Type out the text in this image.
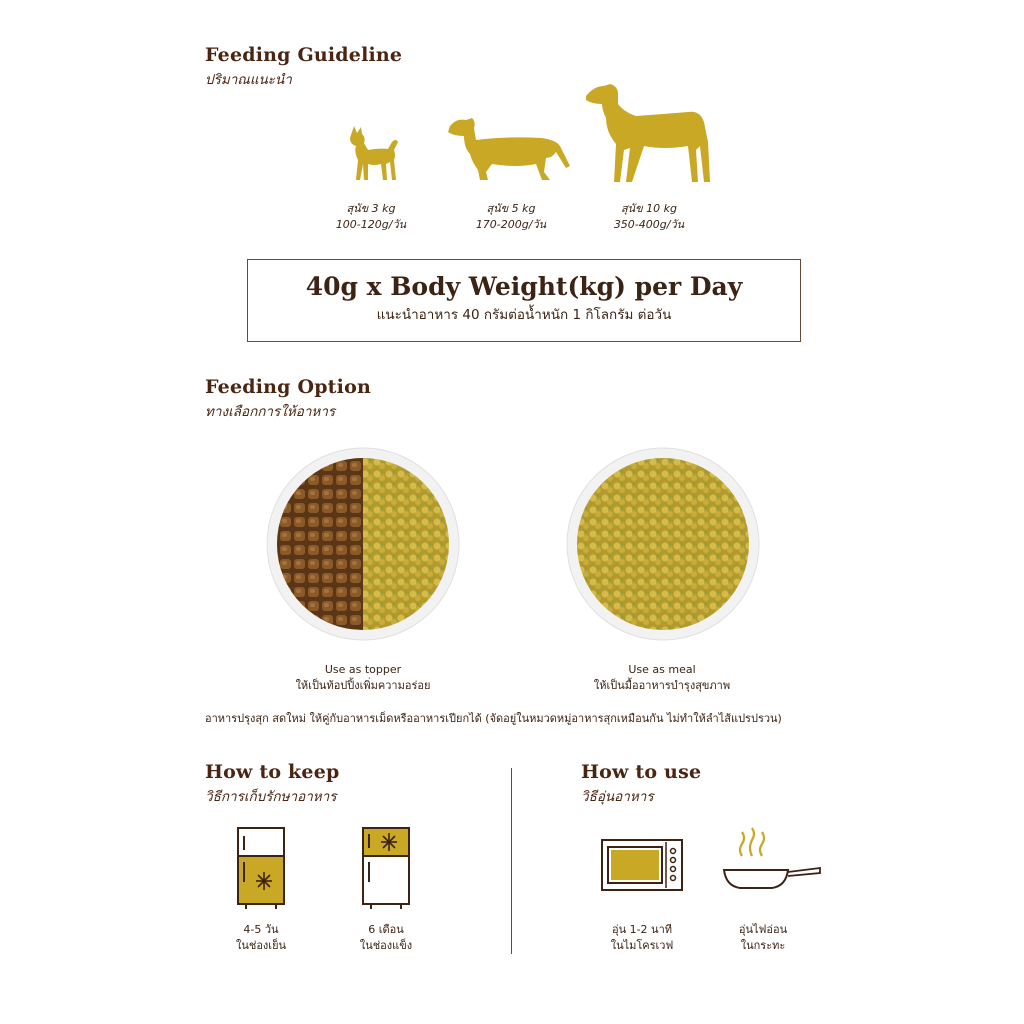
Feeding Guideline
ปริมาณแนะนำ
สุนัข 3 kg
100-120g/วัน
สุนัข 5 kg
170-200g/วัน
สุนัข 10 kg
350-400g/วัน
40g x Body Weight(kg) per Day
แนะนำอาหาร 40 กรัมต่อน้ำหนัก 1 กิโลกรัม ต่อวัน
Feeding Option
ทางเลือกการให้อาหาร
Use as topper
ให้เป็นท้อปปิ้งเพิ่มความอร่อย
Use as meal
ให้เป็นมื้ออาหารบำรุงสุขภาพ
อาหารปรุงสุก สดใหม่ ให้คู่กับอาหารเม็ดหรืออาหารเปียกได้ (จัดอยู่ในหมวดหมู่อาหารสุกเหมือนกัน ไม่ทำให้ลำไส้แปรปรวน)
How to keep
วิธีการเก็บรักษาอาหาร
4-5 วัน
ในช่องเย็น
6 เดือน
ในช่องแข็ง
How to use
วิธีอุ่นอาหาร
อุ่น 1-2 นาที
ในไมโครเวฟ
อุ่นไฟอ่อน
ในกระทะ
